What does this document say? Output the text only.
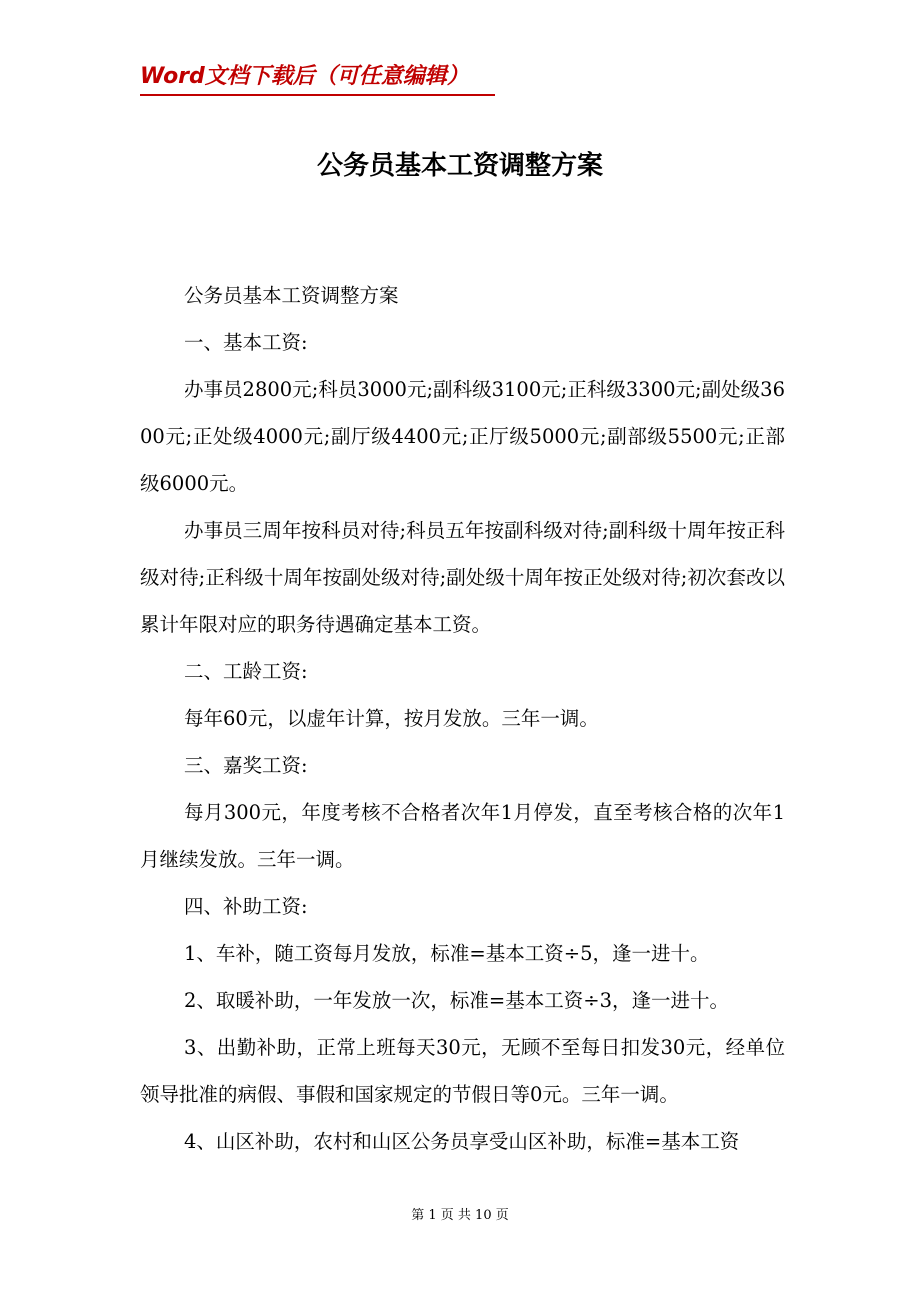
Word文档下载后（可任意编辑）
公务员基本工资调整方案

公务员基本工资调整方案

一、基本工资:

办事员2800元;科员3000元;副科级3100元;正科级3300元;副处级3600元;正处级4000元;副厅级4400元;正厅级5000元;副部级5500元;正部级6000元。

办事员三周年按科员对待;科员五年按副科级对待;副科级十周年按正科级对待;正科级十周年按副处级对待;副处级十周年按正处级对待;初次套改以累计年限对应的职务待遇确定基本工资。

二、工龄工资:

每年60元，以虚年计算，按月发放。三年一调。

三、嘉奖工资:

每月300元，年度考核不合格者次年1月停发，直至考核合格的次年1月继续发放。三年一调。

四、补助工资:

1、车补，随工资每月发放，标准=基本工资÷5，逢一进十。

2、取暖补助，一年发放一次，标准=基本工资÷3，逢一进十。

3、出勤补助，正常上班每天30元，无顾不至每日扣发30元，经单位领导批准的病假、事假和国家规定的节假日等0元。三年一调。

4、山区补助，农村和山区公务员享受山区补助，标准=基本工资

第 1 页 共 10 页
